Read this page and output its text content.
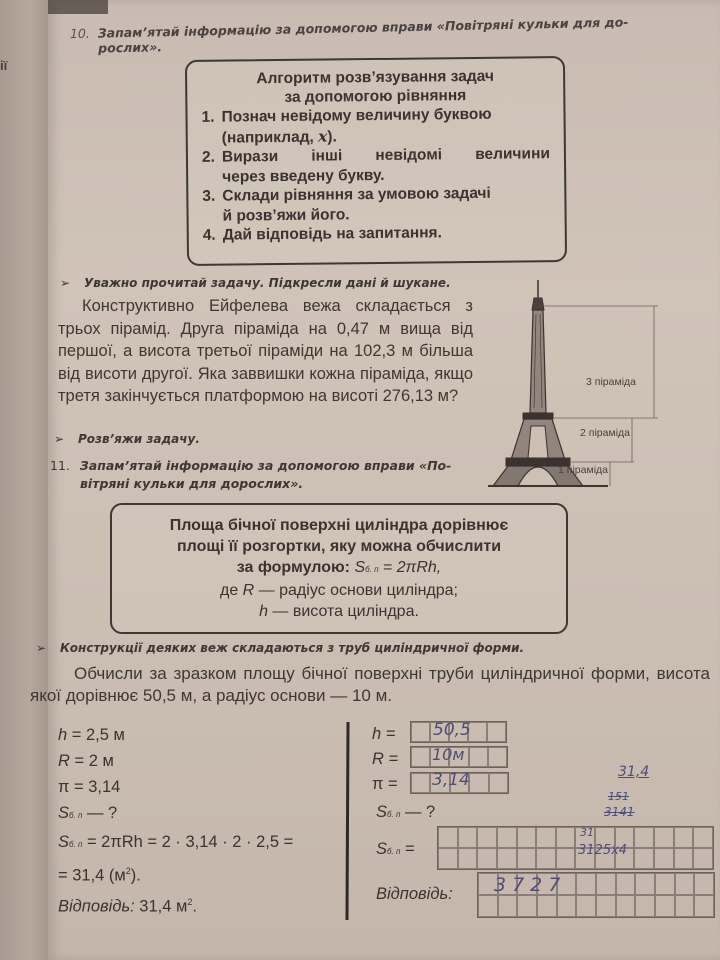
ії
10. Запам’ятай інформацію за допомогою вправи «Повітряні кульки для до-
рослих».
Алгоритм розв’язування задач
за допомогою рівняння
1. Познач невідому величину буквою
(наприклад, x).
2. Вирази інші невідомі величини
через введену букву.
3. Склади рівняння за умовою задачі
й розв’яжи його.
4. Дай відповідь на запитання.
➢ Уважно прочитай задачу. Підкресли дані й шукане.

Конструктивно Ейфелева вежа складається з трьох пірамід. Друга піраміда на 0,47 м вища від першої, а висота третьої піраміди на 102,3 м більша від висоти другої. Яка заввишки кожна піраміда, якщо третя закінчується платформою на висоті 276,13 м?

➢ Розв’яжи задачу.
11. Запам’ятай інформацію за допомогою вправи «По-
вітряні кульки для дорослих».
3 піраміда
2 піраміда
1 піраміда
Площа бічної поверхні циліндра дорівнює
площі її розгортки, яку можна обчислити
за формулою: Sб. п = 2πRh,
де R — радіус основи циліндра;
h — висота циліндра.
➢ Конструкції деяких веж складаються з труб циліндричної форми.

Обчисли за зразком площу бічної поверхні труби циліндричної форми, висота якої дорівнює 50,5 м, а радіус основи — 10 м.

h = 2,5 м
R = 2 м
π = 3,14
Sб. п — ?
Sб. п = 2πRh = 2 · 3,14 · 2 · 2,5 =
= 31,4 $(м^2)$.
Відповідь: 31,4 $м^2$.
h = 50,5
R = 10м
π = 3,14
Sб. п — ?
Sб. п =
31,4
151
3141
31
3125х4
Відповідь: 3727
